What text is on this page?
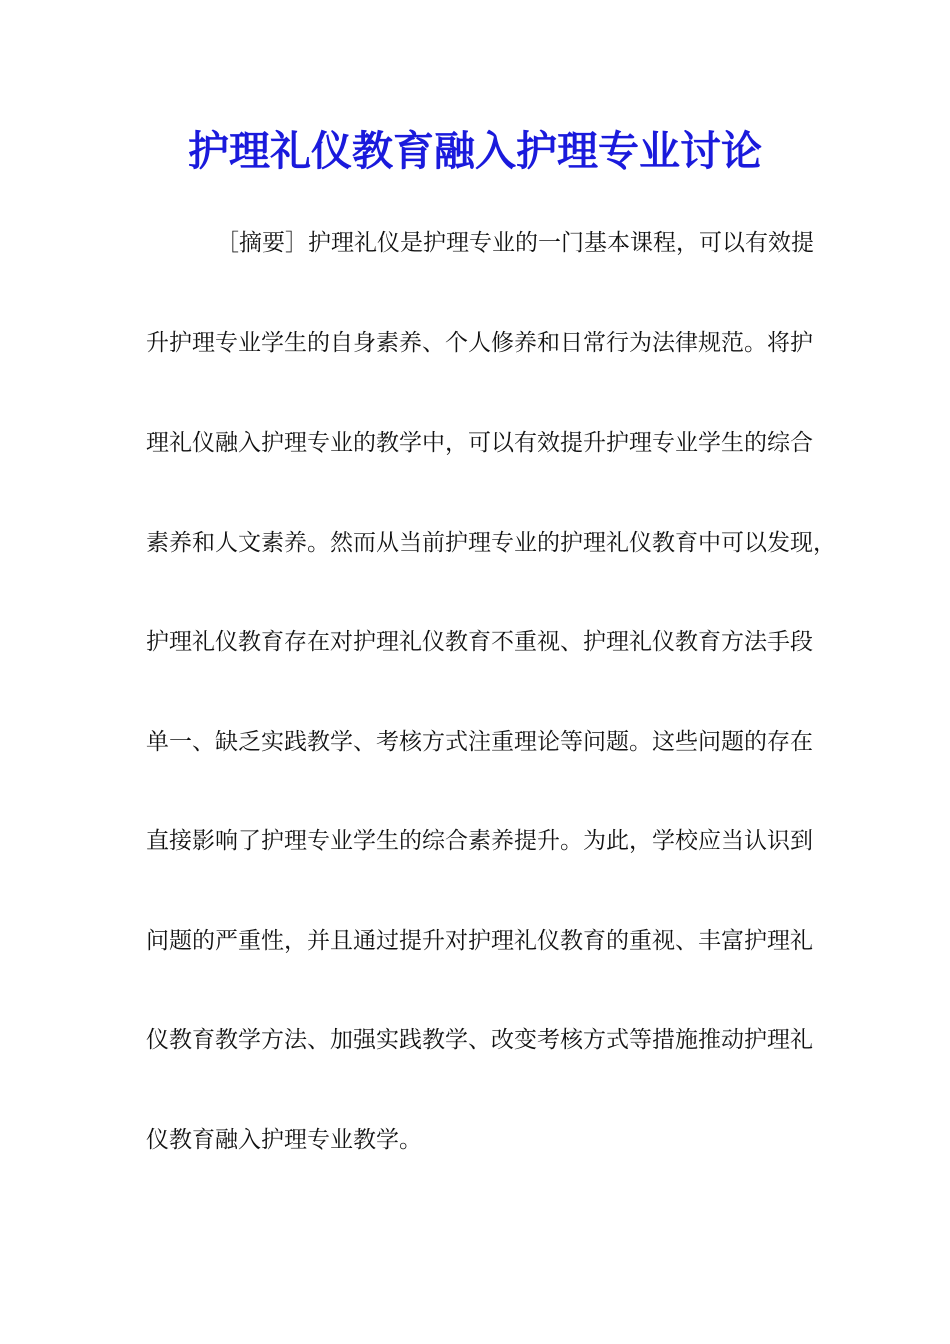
护理礼仪教育融入护理专业讨论

［摘要］护理礼仪是护理专业的一门基本课程，可以有效提

升护理专业学生的自身素养、个人修养和日常行为法律规范。将护

理礼仪融入护理专业的教学中，可以有效提升护理专业学生的综合

素养和人文素养。然而从当前护理专业的护理礼仪教育中可以发现，

护理礼仪教育存在对护理礼仪教育不重视、护理礼仪教育方法手段

单一、缺乏实践教学、考核方式注重理论等问题。这些问题的存在

直接影响了护理专业学生的综合素养提升。为此，学校应当认识到

问题的严重性，并且通过提升对护理礼仪教育的重视、丰富护理礼

仪教育教学方法、加强实践教学、改变考核方式等措施推动护理礼

仪教育融入护理专业教学。
